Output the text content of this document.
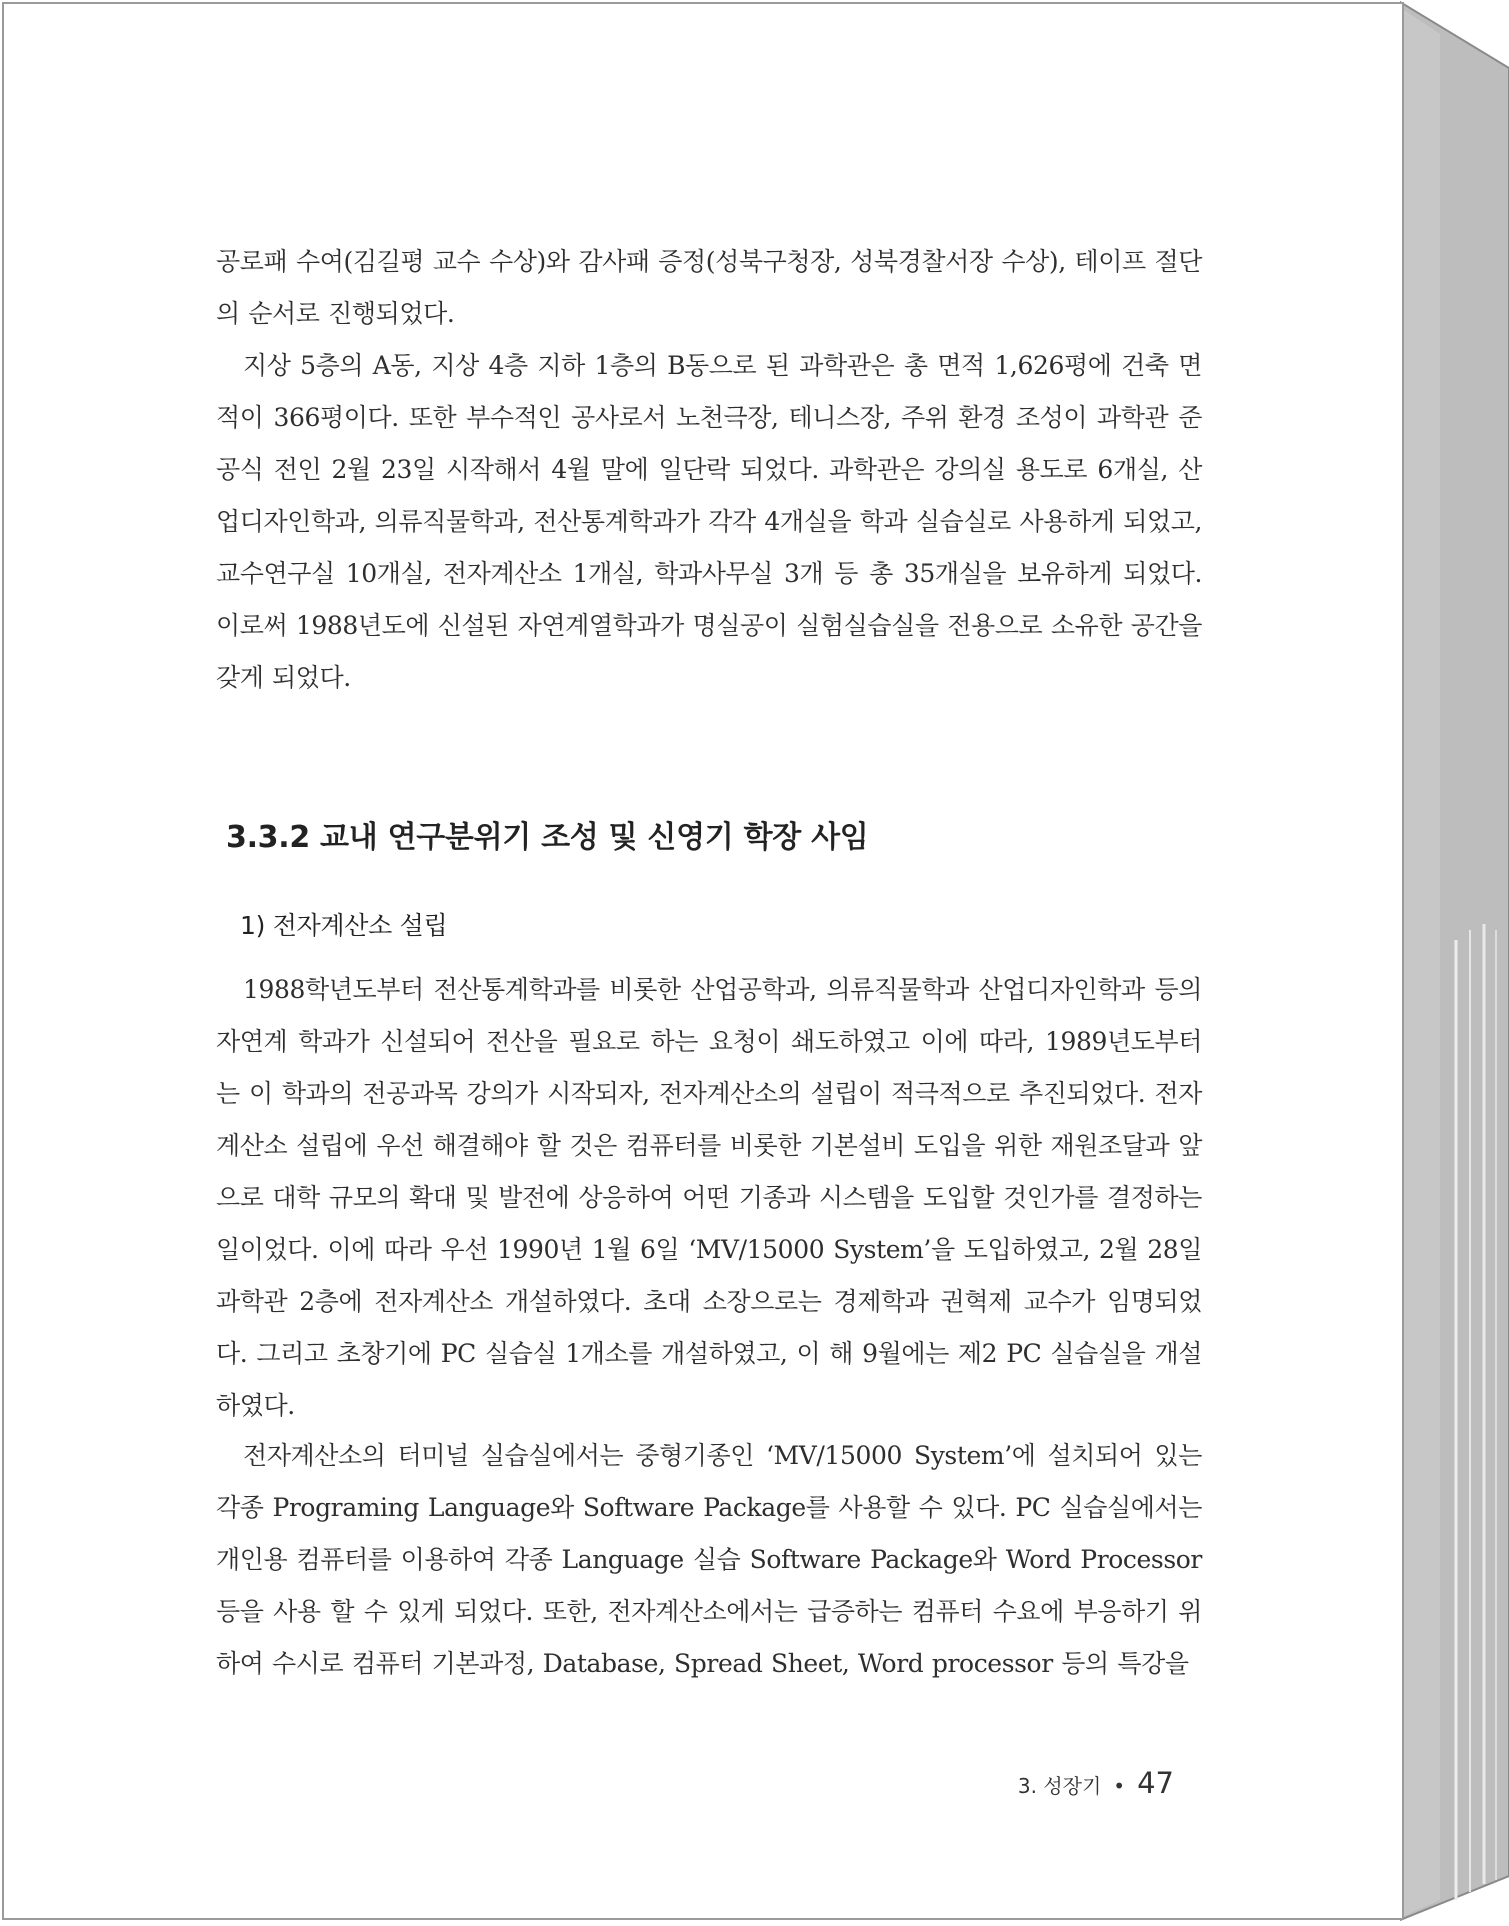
공로패 수여(김길평 교수 수상)와 감사패 증정(성북구청장, 성북경찰서장 수상), 테이프 절단의 순서로 진행되었다.

지상 5층의 A동, 지상 4층 지하 1층의 B동으로 된 과학관은 총 면적 1,626평에 건축 면적이 366평이다. 또한 부수적인 공사로서 노천극장, 테니스장, 주위 환경 조성이 과학관 준공식 전인 2월 23일 시작해서 4월 말에 일단락 되었다. 과학관은 강의실 용도로 6개실, 산업디자인학과, 의류직물학과, 전산통계학과가 각각 4개실을 학과 실습실로 사용하게 되었고, 교수연구실 10개실, 전자계산소 1개실, 학과사무실 3개 등 총 35개실을 보유하게 되었다. 이로써 1988년도에 신설된 자연계열학과가 명실공이 실험실습실을 전용으로 소유한 공간을 갖게 되었다.

3.3.2 교내 연구분위기 조성 및 신영기 학장 사임
1) 전자계산소 설립

1988학년도부터 전산통계학과를 비롯한 산업공학과, 의류직물학과 산업디자인학과 등의 자연계 학과가 신설되어 전산을 필요로 하는 요청이 쇄도하였고 이에 따라, 1989년도부터는 이 학과의 전공과목 강의가 시작되자, 전자계산소의 설립이 적극적으로 추진되었다. 전자계산소 설립에 우선 해결해야 할 것은 컴퓨터를 비롯한 기본설비 도입을 위한 재원조달과 앞으로 대학 규모의 확대 및 발전에 상응하여 어떤 기종과 시스템을 도입할 것인가를 결정하는 일이었다. 이에 따라 우선 1990년 1월 6일 ‘MV/15000 System’을 도입하였고, 2월 28일 과학관 2층에 전자계산소 개설하였다. 초대 소장으로는 경제학과 권혁제 교수가 임명되었다. 그리고 초창기에 PC 실습실 1개소를 개설하였고, 이 해 9월에는 제2 PC 실습실을 개설하였다.

전자계산소의 터미널 실습실에서는 중형기종인 ‘MV/15000 System’에 설치되어 있는 각종 Programing Language와 Software Package를 사용할 수 있다. PC 실습실에서는 개인용 컴퓨터를 이용하여 각종 Language 실습 Software Package와 Word Processor 등을 사용 할 수 있게 되었다. 또한, 전자계산소에서는 급증하는 컴퓨터 수요에 부응하기 위하여 수시로 컴퓨터 기본과정, Database, Spread Sheet, Word processor 등의 특강을

3. 성장기 • 47
